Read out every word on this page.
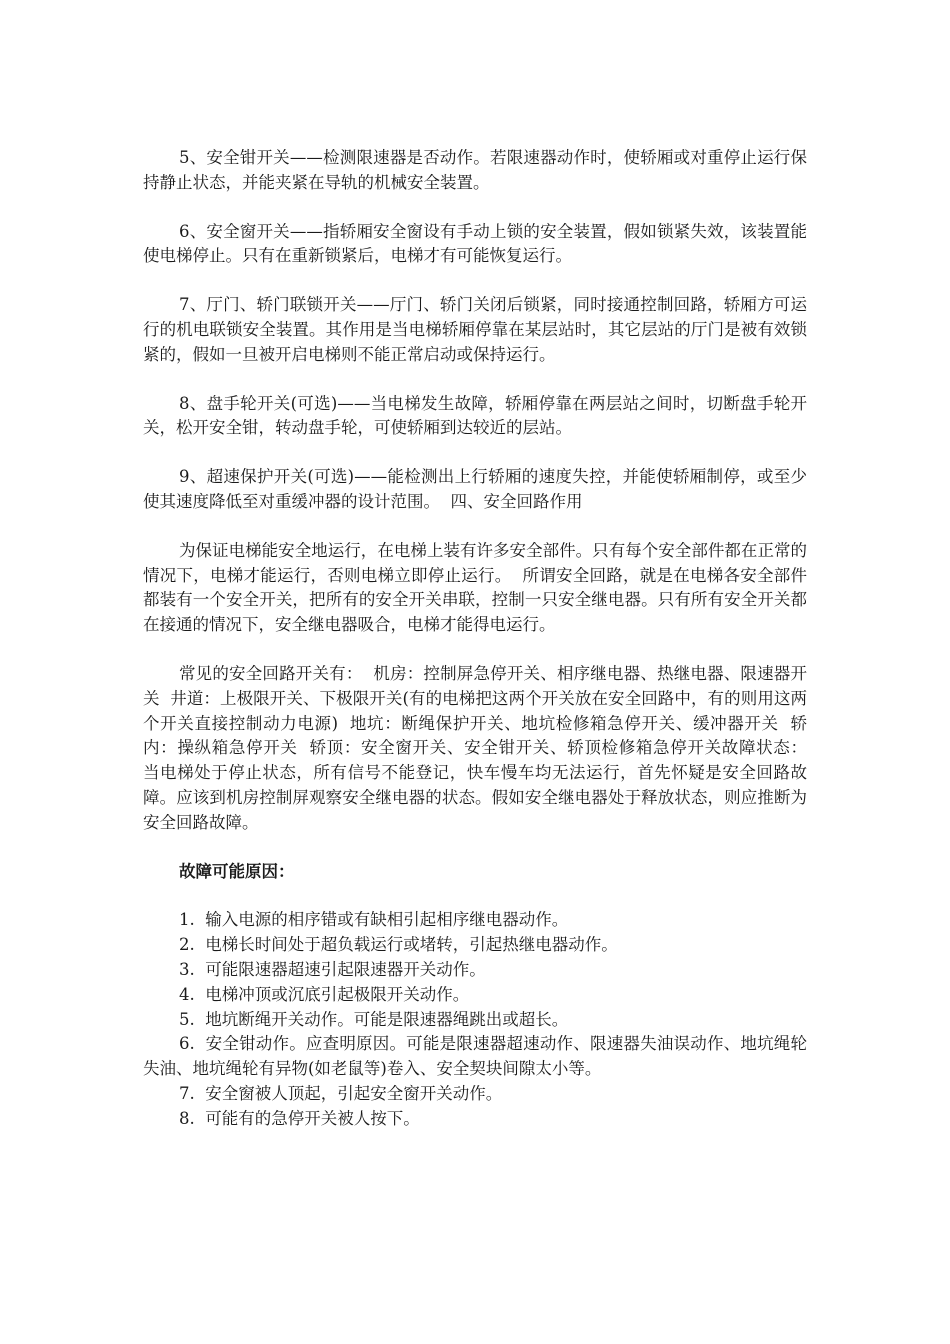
5、安全钳开关——检测限速器是否动作。若限速器动作时，使轿厢或对重停止运行保持静止状态，并能夹紧在导轨的机械安全装置。

6、安全窗开关——指轿厢安全窗设有手动上锁的安全装置，假如锁紧失效，该装置能使电梯停止。只有在重新锁紧后，电梯才有可能恢复运行。

7、厅门、轿门联锁开关——厅门、轿门关闭后锁紧，同时接通控制回路，轿厢方可运行的机电联锁安全装置。其作用是当电梯轿厢停靠在某层站时，其它层站的厅门是被有效锁紧的，假如一旦被开启电梯则不能正常启动或保持运行。

8、盘手轮开关(可选)——当电梯发生故障，轿厢停靠在两层站之间时，切断盘手轮开关，松开安全钳，转动盘手轮，可使轿厢到达较近的层站。

9、超速保护开关(可选)——能检测出上行轿厢的速度失控，并能使轿厢制停，或至少使其速度降低至对重缓冲器的设计范围。  四、安全回路作用

为保证电梯能安全地运行，在电梯上装有许多安全部件。只有每个安全部件都在正常的情况下，电梯才能运行，否则电梯立即停止运行。  所谓安全回路，就是在电梯各安全部件都装有一个安全开关，把所有的安全开关串联，控制一只安全继电器。只有所有安全开关都在接通的情况下，安全继电器吸合，电梯才能得电运行。

常见的安全回路开关有：  机房：控制屏急停开关、相序继电器、热继电器、限速器开关  井道：上极限开关、下极限开关(有的电梯把这两个开关放在安全回路中，有的则用这两个开关直接控制动力电源)  地坑：断绳保护开关、地坑检修箱急停开关、缓冲器开关  轿内：操纵箱急停开关  轿顶：安全窗开关、安全钳开关、轿顶检修箱急停开关故障状态：  当电梯处于停止状态，所有信号不能登记，快车慢车均无法运行，首先怀疑是安全回路故障。应该到机房控制屏观察安全继电器的状态。假如安全继电器处于释放状态，则应推断为安全回路故障。

故障可能原因：

1.  输入电源的相序错或有缺相引起相序继电器动作。

2.  电梯长时间处于超负载运行或堵转，引起热继电器动作。

3.  可能限速器超速引起限速器开关动作。

4.  电梯冲顶或沉底引起极限开关动作。

5.  地坑断绳开关动作。可能是限速器绳跳出或超长。

6.  安全钳动作。应查明原因。可能是限速器超速动作、限速器失油误动作、地坑绳轮失油、地坑绳轮有异物(如老鼠等)卷入、安全契块间隙太小等。

7.  安全窗被人顶起，引起安全窗开关动作。

8.  可能有的急停开关被人按下。
